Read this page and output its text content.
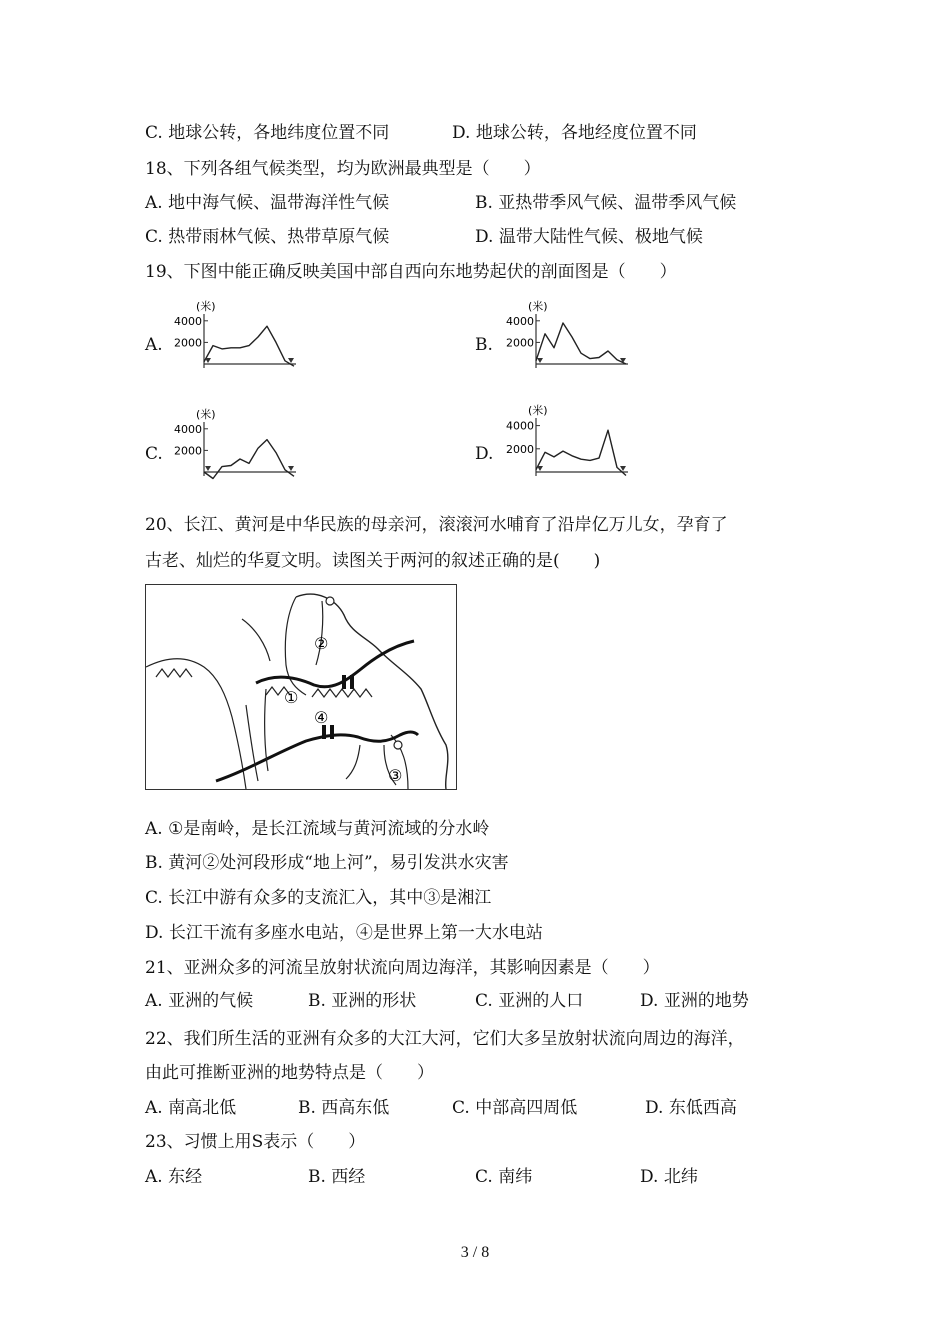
C. 地球公转，各地纬度位置不同	D. 地球公转，各地经度位置不同
18、下列各组气候类型，均为欧洲最典型是（　　）
A. 地中海气候、温带海洋性气候	B. 亚热带季风气候、温带季风气候
C. 热带雨林气候、热带草原气候	D. 温带大陆性气候、极地气候
19、下图中能正确反映美国中部自西向东地势起伏的剖面图是（　　）
A.	B.
C.	D.
(米)
2000
4000
(米)
2000
4000
(米)
2000
4000
(米)
2000
4000
20、长江、黄河是中华民族的母亲河，滚滚河水哺育了沿岸亿万儿女，孕育了
古老、灿烂的华夏文明。读图关于两河的叙述正确的是(　　)
②
①
④
③
A. ①是南岭，是长江流域与黄河流域的分水岭
B. 黄河②处河段形成“地上河”，易引发洪水灾害
C. 长江中游有众多的支流汇入，其中③是湘江
D. 长江干流有多座水电站，④是世界上第一大水电站
21、亚洲众多的河流呈放射状流向周边海洋，其影响因素是（　　）
A. 亚洲的气候	B. 亚洲的形状	C. 亚洲的人口	D. 亚洲的地势
22、我们所生活的亚洲有众多的大江大河，它们大多呈放射状流向周边的海洋，
由此可推断亚洲的地势特点是（　　）
A. 南高北低	B. 西高东低	C. 中部高四周低	D. 东低西高
23、习惯上用S表示（　　）
A. 东经	B. 西经	C. 南纬	D. 北纬
3 / 8
